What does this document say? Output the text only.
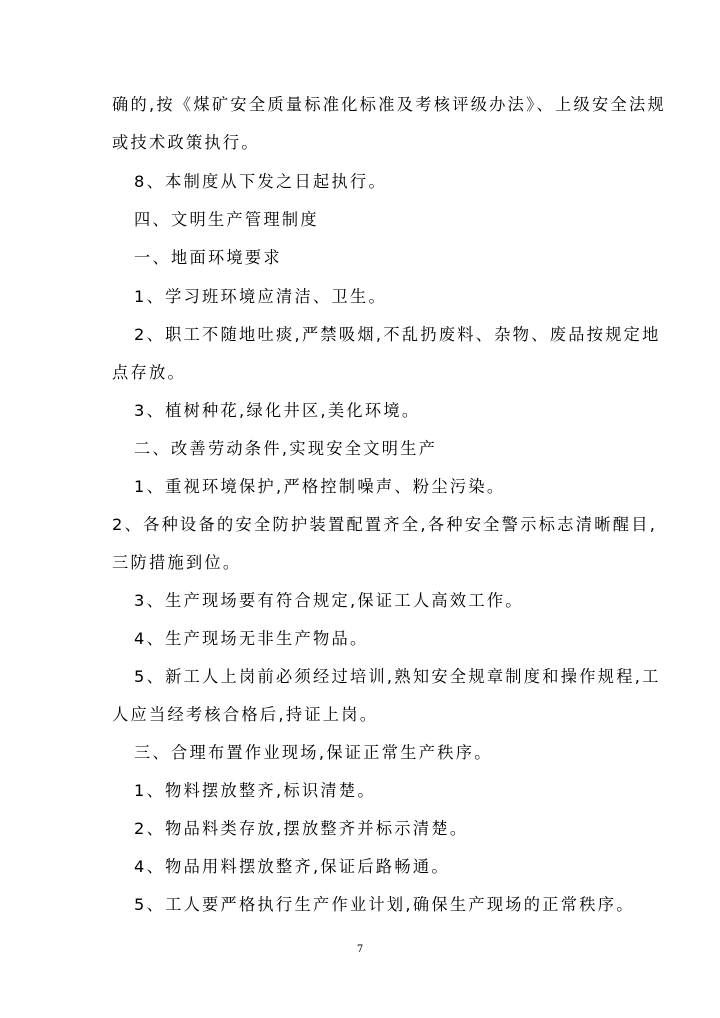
确的,按《煤矿安全质量标准化标准及考核评级办法》、上级安全法规
或技术政策执行。
8、本制度从下发之日起执行。
四、文明生产管理制度
一、地面环境要求
1、学习班环境应清洁、卫生。
2、职工不随地吐痰,严禁吸烟,不乱扔废料、杂物、废品按规定地
点存放。
3、植树种花,绿化井区,美化环境。
二、改善劳动条件,实现安全文明生产
1、重视环境保护,严格控制噪声、粉尘污染。
2、各种设备的安全防护装置配置齐全,各种安全警示标志清晰醒目,
三防措施到位。
3、生产现场要有符合规定,保证工人高效工作。
4、生产现场无非生产物品。
5、新工人上岗前必须经过培训,熟知安全规章制度和操作规程,工
人应当经考核合格后,持证上岗。
三、合理布置作业现场,保证正常生产秩序。
1、物料摆放整齐,标识清楚。
2、物品料类存放,摆放整齐并标示清楚。
4、物品用料摆放整齐,保证后路畅通。
5、工人要严格执行生产作业计划,确保生产现场的正常秩序。
7
